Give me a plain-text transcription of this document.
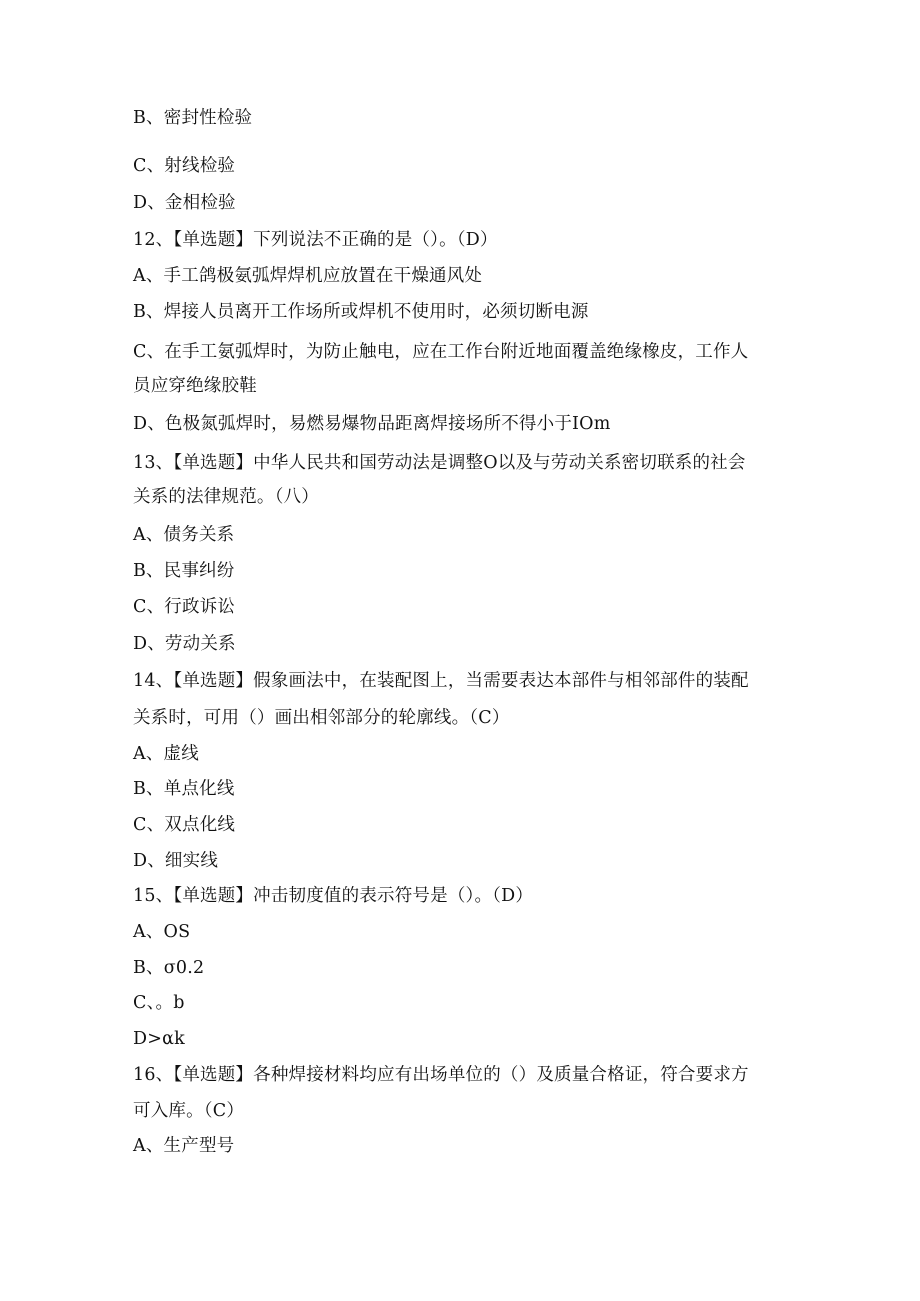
B、密封性检验
C、射线检验
D、金相检验
12、【单选题】下列说法不正确的是（）。（D）
A、手工鸽极氨弧焊焊机应放置在干燥通风处
B、焊接人员离开工作场所或焊机不使用时，必须切断电源
C、在手工氨弧焊时，为防止触电，应在工作台附近地面覆盖绝缘橡皮，工作人
员应穿绝缘胶鞋
D、色极氮弧焊时，易燃易爆物品距离焊接场所不得小于IOm
13、【单选题】中华人民共和国劳动法是调整O以及与劳动关系密切联系的社会
关系的法律规范。（八）
A、债务关系
B、民事纠纷
C、行政诉讼
D、劳动关系
14、【单选题】假象画法中，在装配图上，当需要表达本部件与相邻部件的装配
关系时，可用（）画出相邻部分的轮廓线。（C）
A、虚线
B、单点化线
C、双点化线
D、细实线
15、【单选题】冲击韧度值的表示符号是（）。（D）
A、OS
B、σ0.2
C、。b
D>αk
16、【单选题】各种焊接材料均应有出场单位的（）及质量合格证，符合要求方
可入库。（C）
A、生产型号
